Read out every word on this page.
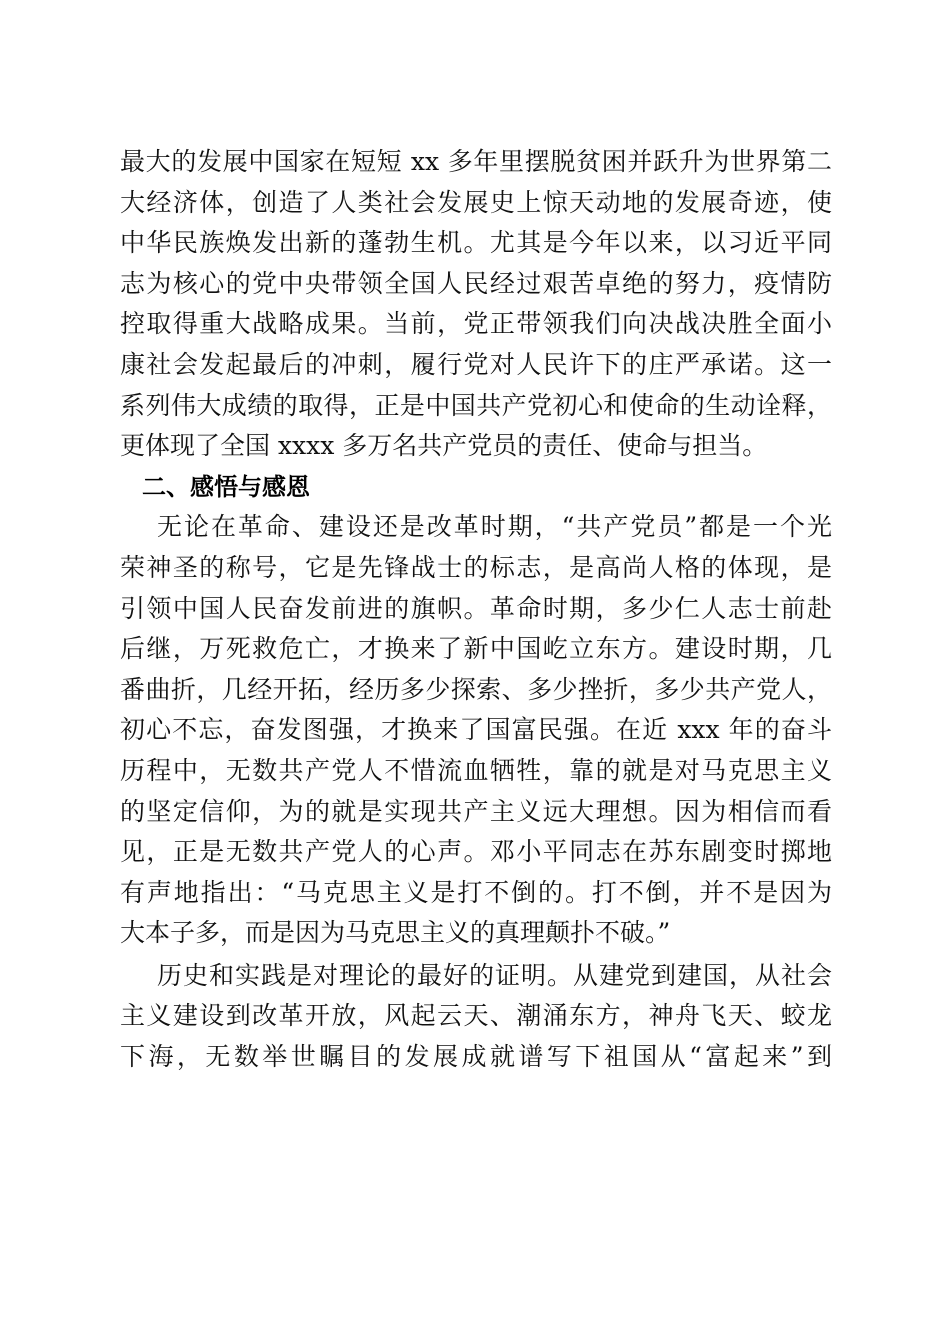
最大的发展中国家在短短 xx 多年里摆脱贫困并跃升为世界第二
大经济体，创造了人类社会发展史上惊天动地的发展奇迹，使
中华民族焕发出新的蓬勃生机。尤其是今年以来，以习近平同
志为核心的党中央带领全国人民经过艰苦卓绝的努力，疫情防
控取得重大战略成果。当前，党正带领我们向决战决胜全面小
康社会发起最后的冲刺，履行党对人民许下的庄严承诺。这一
系列伟大成绩的取得，正是中国共产党初心和使命的生动诠释，
更体现了全国 xxxx 多万名共产党员的责任、使命与担当。
二、感悟与感恩
无论在革命、建设还是改革时期，“共产党员”都是一个光
荣神圣的称号，它是先锋战士的标志，是高尚人格的体现，是
引领中国人民奋发前进的旗帜。革命时期，多少仁人志士前赴
后继，万死救危亡，才换来了新中国屹立东方。建设时期，几
番曲折，几经开拓，经历多少探索、多少挫折，多少共产党人，
初心不忘，奋发图强，才换来了国富民强。在近 xxx 年的奋斗
历程中，无数共产党人不惜流血牺牲，靠的就是对马克思主义
的坚定信仰，为的就是实现共产主义远大理想。因为相信而看
见，正是无数共产党人的心声。邓小平同志在苏东剧变时掷地
有声地指出：“马克思主义是打不倒的。打不倒，并不是因为
大本子多，而是因为马克思主义的真理颠扑不破。”
历史和实践是对理论的最好的证明。从建党到建国，从社会
主义建设到改革开放，风起云天、潮涌东方，神舟飞天、蛟龙
下海，无数举世瞩目的发展成就谱写下祖国从“富起来”到
